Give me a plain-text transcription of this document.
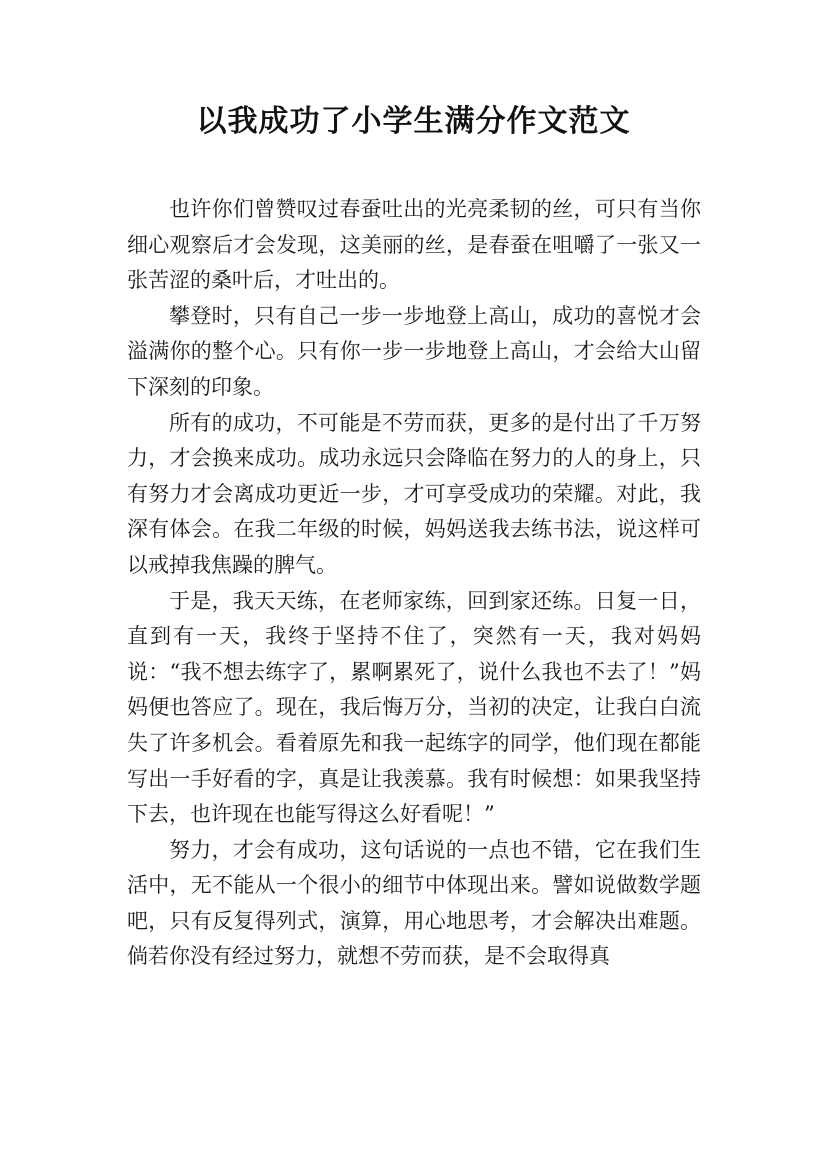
以我成功了小学生满分作文范文

也许你们曾赞叹过春蚕吐出的光亮柔韧的丝，可只有当你细心观察后才会发现，这美丽的丝，是春蚕在咀嚼了一张又一张苦涩的桑叶后，才吐出的。

攀登时，只有自己一步一步地登上高山，成功的喜悦才会溢满你的整个心。只有你一步一步地登上高山，才会给大山留下深刻的印象。

所有的成功，不可能是不劳而获，更多的是付出了千万努力，才会换来成功。成功永远只会降临在努力的人的身上，只有努力才会离成功更近一步，才可享受成功的荣耀。对此，我深有体会。在我二年级的时候，妈妈送我去练书法，说这样可以戒掉我焦躁的脾气。

于是，我天天练，在老师家练，回到家还练。日复一日，直到有一天，我终于坚持不住了，突然有一天，我对妈妈说：“我不想去练字了，累啊累死了，说什么我也不去了！”妈妈便也答应了。现在，我后悔万分，当初的决定，让我白白流失了许多机会。看着原先和我一起练字的同学，他们现在都能写出一手好看的字，真是让我羡慕。我有时候想：如果我坚持下去，也许现在也能写得这么好看呢！”

努力，才会有成功，这句话说的一点也不错，它在我们生活中，无不能从一个很小的细节中体现出来。譬如说做数学题吧，只有反复得列式，演算，用心地思考，才会解决出难题。倘若你没有经过努力，就想不劳而获，是不会取得真
